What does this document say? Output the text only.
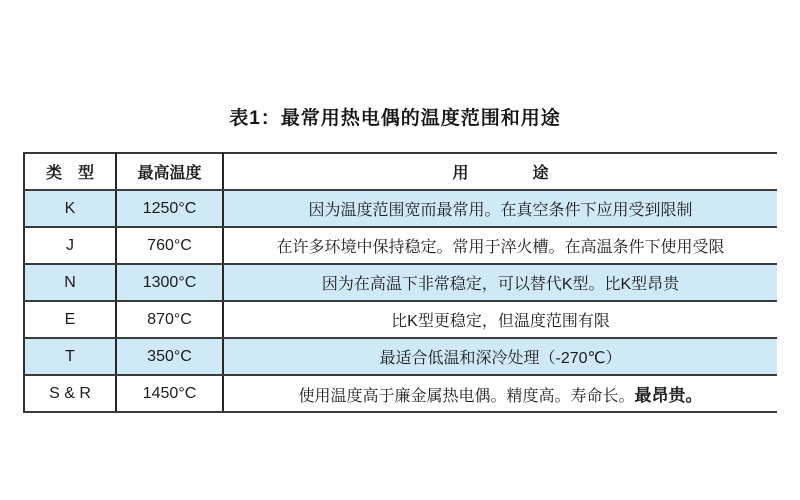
表1：最常用热电偶的温度范围和用途
类　型	最高温度	用　　　　途
K	1250°C	因为温度范围宽而最常用。在真空条件下应用受到限制
J	760°C	在许多环境中保持稳定。常用于淬火槽。在高温条件下使用受限
N	1300°C	因为在高温下非常稳定，可以替代K型。比K型昂贵
E	870°C	比K型更稳定，但温度范围有限
T	350°C	最适合低温和深冷处理（-270℃）
S & R	1450°C	使用温度高于廉金属热电偶。精度高。寿命长。最昂贵。
